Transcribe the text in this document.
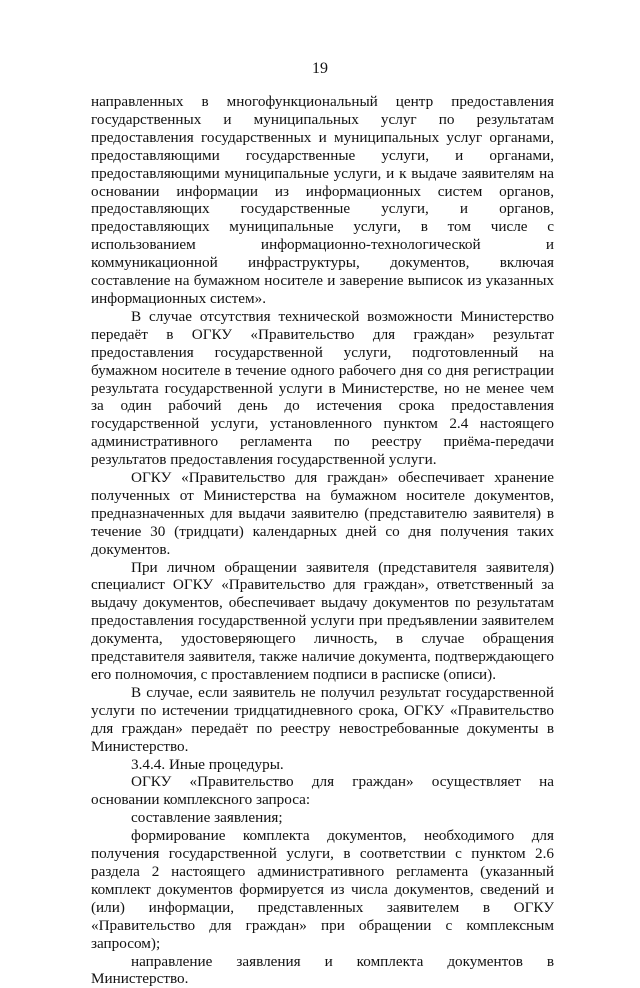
19

направленных в многофункциональный центр предоставления государственных и муниципальных услуг по результатам предоставления государственных и муниципальных услуг органами, предоставляющими государственные услуги, и органами, предоставляющими муниципальные услуги, и к выдаче заявителям на основании информации из информационных систем органов, предоставляющих государственные услуги, и органов, предоставляющих муниципальные услуги, в том числе с использованием информационно-технологической и коммуникационной инфраструктуры, документов, включая составление на бумажном носителе и заверение выписок из указанных информационных систем».

В случае отсутствия технической возможности Министерство передаёт в ОГКУ «Правительство для граждан» результат предоставления государственной услуги, подготовленный на бумажном носителе в течение одного рабочего дня со дня регистрации результата государственной услуги в Министерстве, но не менее чем за один рабочий день до истечения срока предоставления государственной услуги, установленного пунктом 2.4 настоящего административного регламента по реестру приёма-передачи результатов предоставления государственной услуги.

ОГКУ «Правительство для граждан» обеспечивает хранение полученных от Министерства на бумажном носителе документов, предназначенных для выдачи заявителю (представителю заявителя) в течение 30 (тридцати) календарных дней со дня получения таких документов.

При личном обращении заявителя (представителя заявителя) специалист ОГКУ «Правительство для граждан», ответственный за выдачу документов, обеспечивает выдачу документов по результатам предоставления государственной услуги при предъявлении заявителем документа, удостоверяющего личность, в случае обращения представителя заявителя, также наличие документа, подтверждающего его полномочия, с проставлением подписи в расписке (описи).

В случае, если заявитель не получил результат государственной услуги по истечении тридцатидневного срока, ОГКУ «Правительство для граждан» передаёт по реестру невостребованные документы в Министерство.

3.4.4. Иные процедуры.

ОГКУ «Правительство для граждан» осуществляет на основании комплексного запроса:

составление заявления;

формирование комплекта документов, необходимого для получения государственной услуги, в соответствии с пунктом 2.6 раздела 2 настоящего административного регламента (указанный комплект документов формируется из числа документов, сведений и (или) информации, представленных заявителем в ОГКУ «Правительство для граждан» при обращении с комплексным запросом);

направление заявления и комплекта документов в Министерство.
